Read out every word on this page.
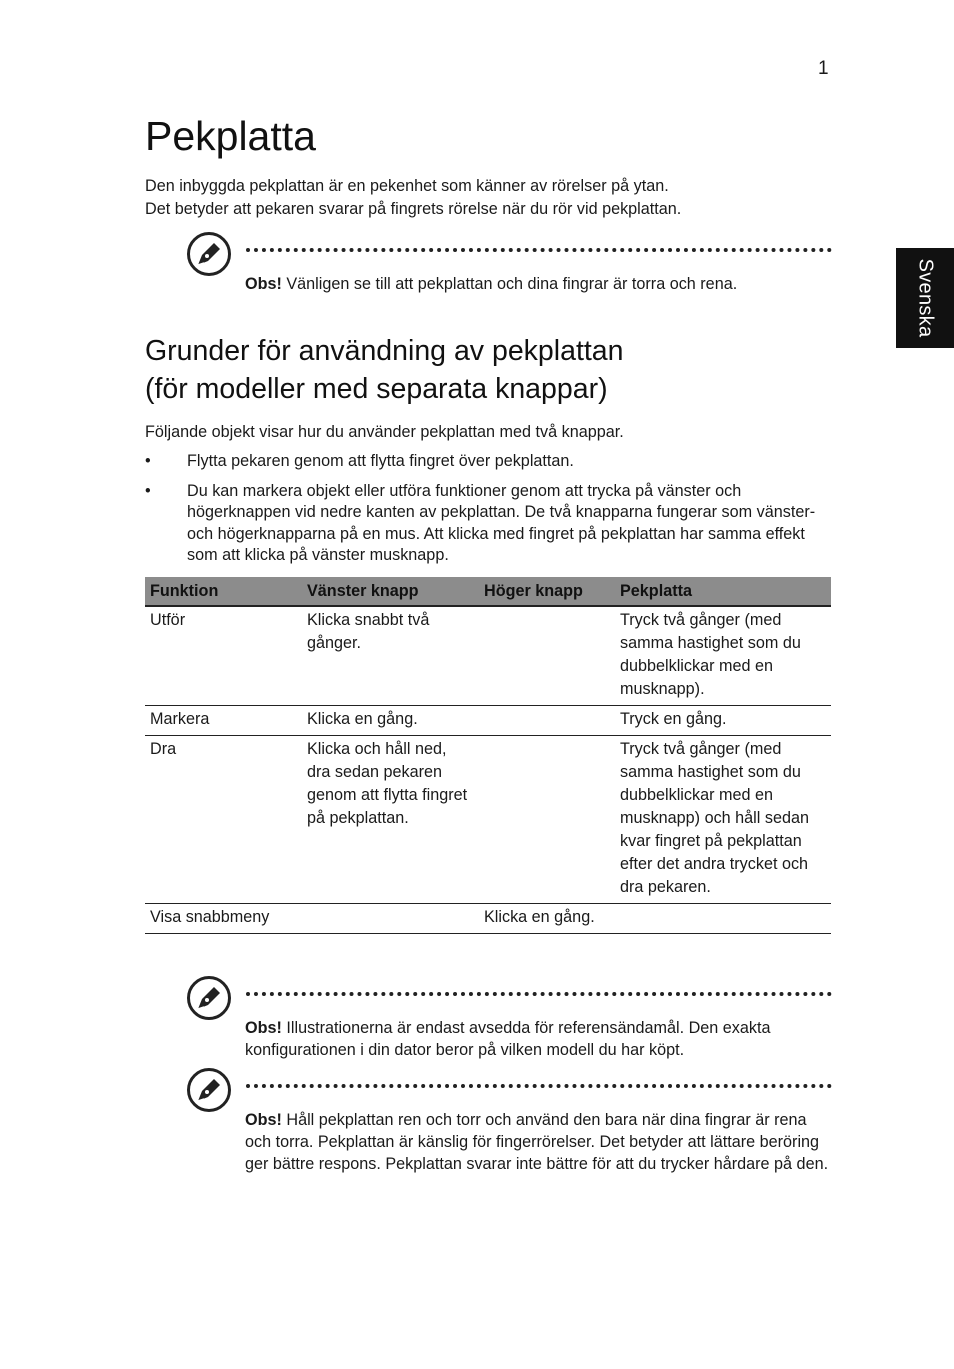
1
Svenska
Pekplatta

Den inbyggda pekplattan är en pekenhet som känner av rörelser på ytan.

Det betyder att pekaren svarar på fingrets rörelse när du rör vid pekplattan.

Obs! Vänligen se till att pekplattan och dina fingrar är torra och rena.
Grunder för användning av pekplattan
(för modeller med separata knappar)
Följande objekt visar hur du använder pekplattan med två knappar.
• Flytta pekaren genom att flytta fingret över pekplattan.
• Du kan markera objekt eller utföra funktioner genom att trycka på vänster och högerknappen vid nedre kanten av pekplattan. De två knapparna fungerar som vänster- och högerknapparna på en mus. Att klicka med fingret på pekplattan har samma effekt som att klicka på vänster musknapp.
Funktion	Vänster knapp	Höger knapp	Pekplatta
Utför	Klicka snabbt två gånger.		Tryck två gånger (med samma hastighet som du dubbelklickar med en musknapp).
Markera	Klicka en gång.		Tryck en gång.
Dra	Klicka och håll ned, dra sedan pekaren genom att flytta fingret på pekplattan.		Tryck två gånger (med samma hastighet som du dubbelklickar med en musknapp) och håll sedan kvar fingret på pekplattan efter det andra trycket och dra pekaren.
Visa snabbmeny		Klicka en gång.	
Obs! Illustrationerna är endast avsedda för referensändamål. Den exakta konfigurationen i din dator beror på vilken modell du har köpt.
Obs! Håll pekplattan ren och torr och använd den bara när dina fingrar är rena och torra. Pekplattan är känslig för fingerrörelser. Det betyder att lättare beröring ger bättre respons. Pekplattan svarar inte bättre för att du trycker hårdare på den.
